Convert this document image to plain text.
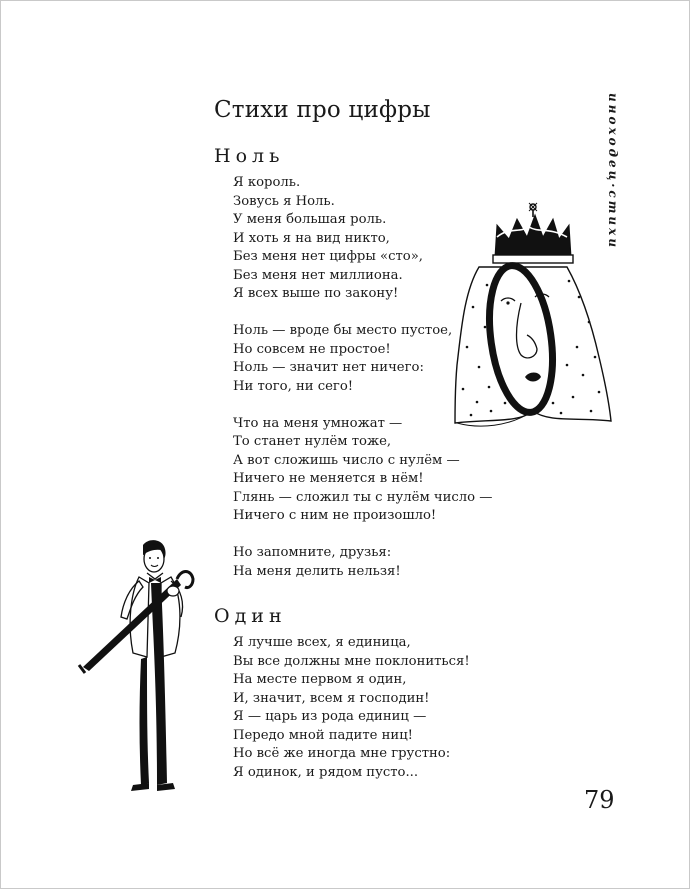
Стихи про цифры	иноходец·стихи
Ноль
Я король.
Зовусь я Ноль.
У меня большая роль.
И хоть я на вид никто,
Без меня нет цифры «сто»,
Без меня нет миллиона.
Я всех выше по закону!
Ноль — вроде бы место пустое,
Но совсем не простое!
Ноль — значит нет ничего:
Ни того, ни сего!
Что на меня умножат —
То станет нулём тоже,
А вот сложишь число с нулём —
Ничего не меняется в нём!
Глянь — сложил ты с нулём число —
Ничего с ним не произошло!
Но запомните, друзья:
На меня делить нельзя!
Один
Я лучше всех, я единица,
Вы все должны мне поклониться!
На месте первом я один,
И, значит, всем я господин!
Я — царь из рода единиц —
Передо мной падите ниц!
Но всё же иногда мне грустно:
Я одинок, и рядом пусто...
79
